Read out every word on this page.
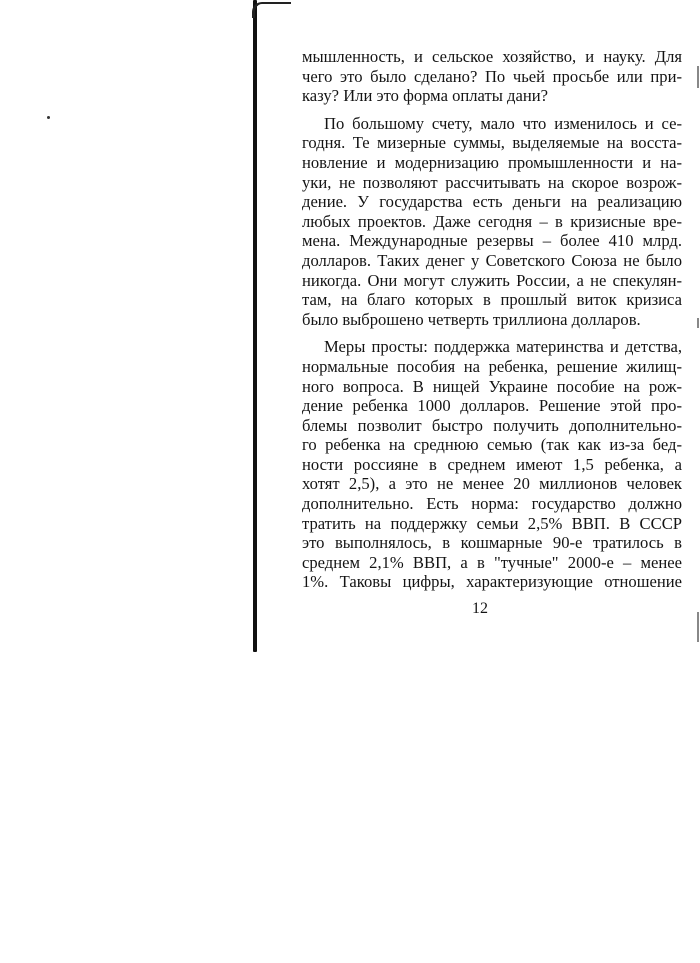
мышленность, и сельское хозяйство, и науку. Для
чего это было сделано? По чьей просьбе или при-
казу? Или это форма оплаты дани?
По большому счету, мало что изменилось и се-
годня. Те мизерные суммы, выделяемые на восста-
новление и модернизацию промышленности и на-
уки, не позволяют рассчитывать на скорое возрож-
дение. У государства есть деньги на реализацию
любых проектов. Даже сегодня – в кризисные вре-
мена. Международные резервы – более 410 млрд.
долларов. Таких денег у Советского Союза не было
никогда. Они могут служить России, а не спекулян-
там, на благо которых в прошлый виток кризиса
было выброшено четверть триллиона долларов.
Меры просты: поддержка материнства и детства,
нормальные пособия на ребенка, решение жилищ-
ного вопроса. В нищей Украине пособие на рож-
дение ребенка 1000 долларов. Решение этой про-
блемы позволит быстро получить дополнительно-
го ребенка на среднюю семью (так как из-за бед-
ности россияне в среднем имеют 1,5 ребенка, а
хотят 2,5), а это не менее 20 миллионов человек
дополнительно. Есть норма: государство должно
тратить на поддержку семьи 2,5% ВВП. В СССР
это выполнялось, в кошмарные 90-е тратилось в
среднем 2,1% ВВП, а в "тучные" 2000-е – менее
1%. Таковы цифры, характеризующие отношение
12
